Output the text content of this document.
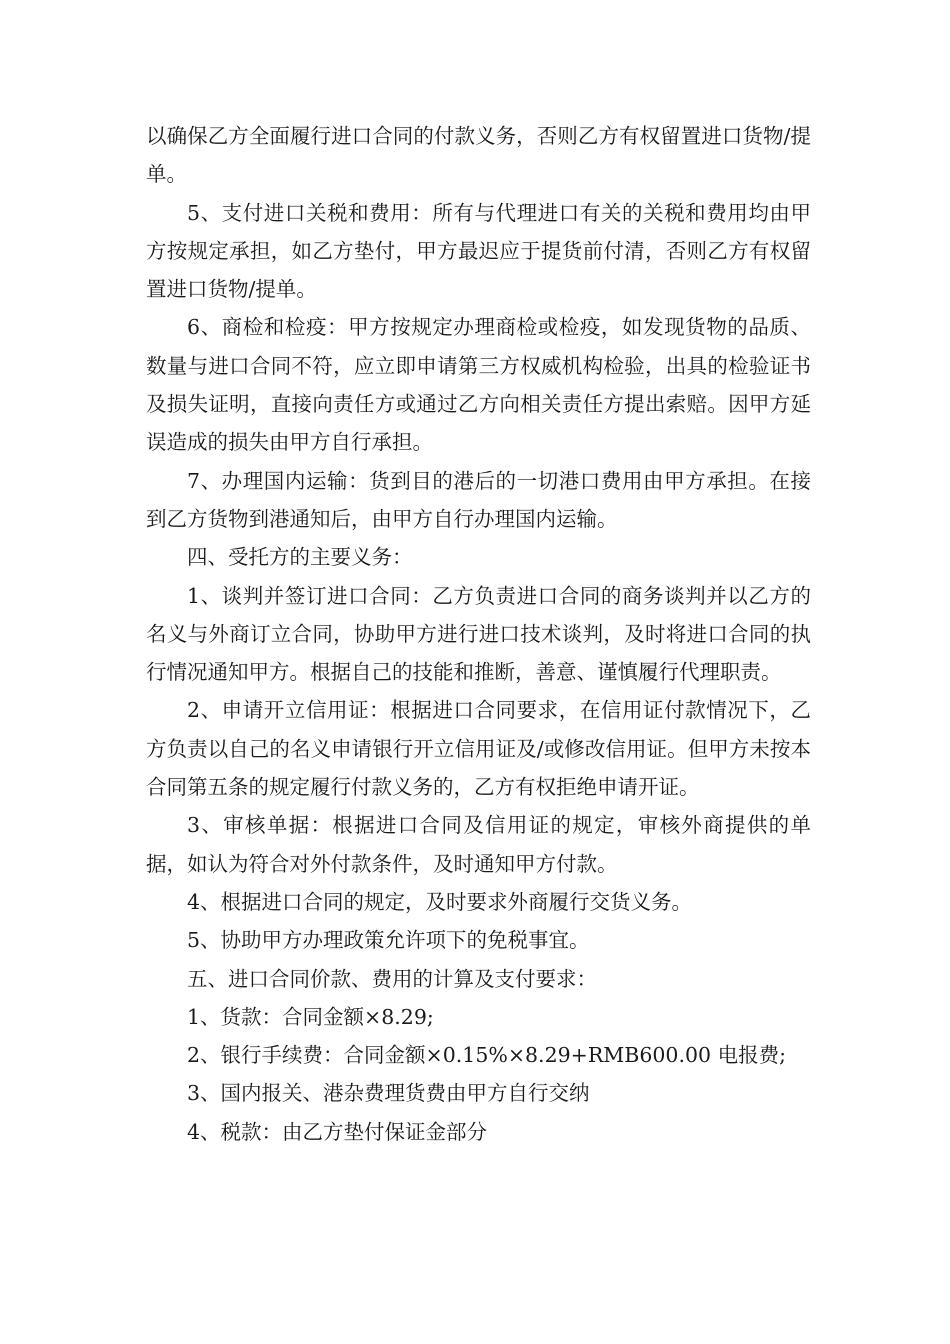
以确保乙方全面履行进口合同的付款义务，否则乙方有权留置进口货物/提单。

5、支付进口关税和费用：所有与代理进口有关的关税和费用均由甲方按规定承担，如乙方垫付，甲方最迟应于提货前付清，否则乙方有权留置进口货物/提单。

6、商检和检疫：甲方按规定办理商检或检疫，如发现货物的品质、数量与进口合同不符，应立即申请第三方权威机构检验，出具的检验证书及损失证明，直接向责任方或通过乙方向相关责任方提出索赔。因甲方延误造成的损失由甲方自行承担。

7、办理国内运输：货到目的港后的一切港口费用由甲方承担。在接到乙方货物到港通知后，由甲方自行办理国内运输。

四、受托方的主要义务：

1、谈判并签订进口合同：乙方负责进口合同的商务谈判并以乙方的名义与外商订立合同，协助甲方进行进口技术谈判，及时将进口合同的执行情况通知甲方。根据自己的技能和推断，善意、谨慎履行代理职责。

2、申请开立信用证：根据进口合同要求，在信用证付款情况下，乙方负责以自己的名义申请银行开立信用证及/或修改信用证。但甲方未按本合同第五条的规定履行付款义务的，乙方有权拒绝申请开证。

3、审核单据：根据进口合同及信用证的规定，审核外商提供的单据，如认为符合对外付款条件，及时通知甲方付款。

4、根据进口合同的规定，及时要求外商履行交货义务。

5、协助甲方办理政策允许项下的免税事宜。

五、进口合同价款、费用的计算及支付要求：

1、货款：合同金额×8.29;

2、银行手续费：合同金额×0.15%×8.29+RMB600.00 电报费;

3、国内报关、港杂费理货费由甲方自行交纳

4、税款：由乙方垫付保证金部分
